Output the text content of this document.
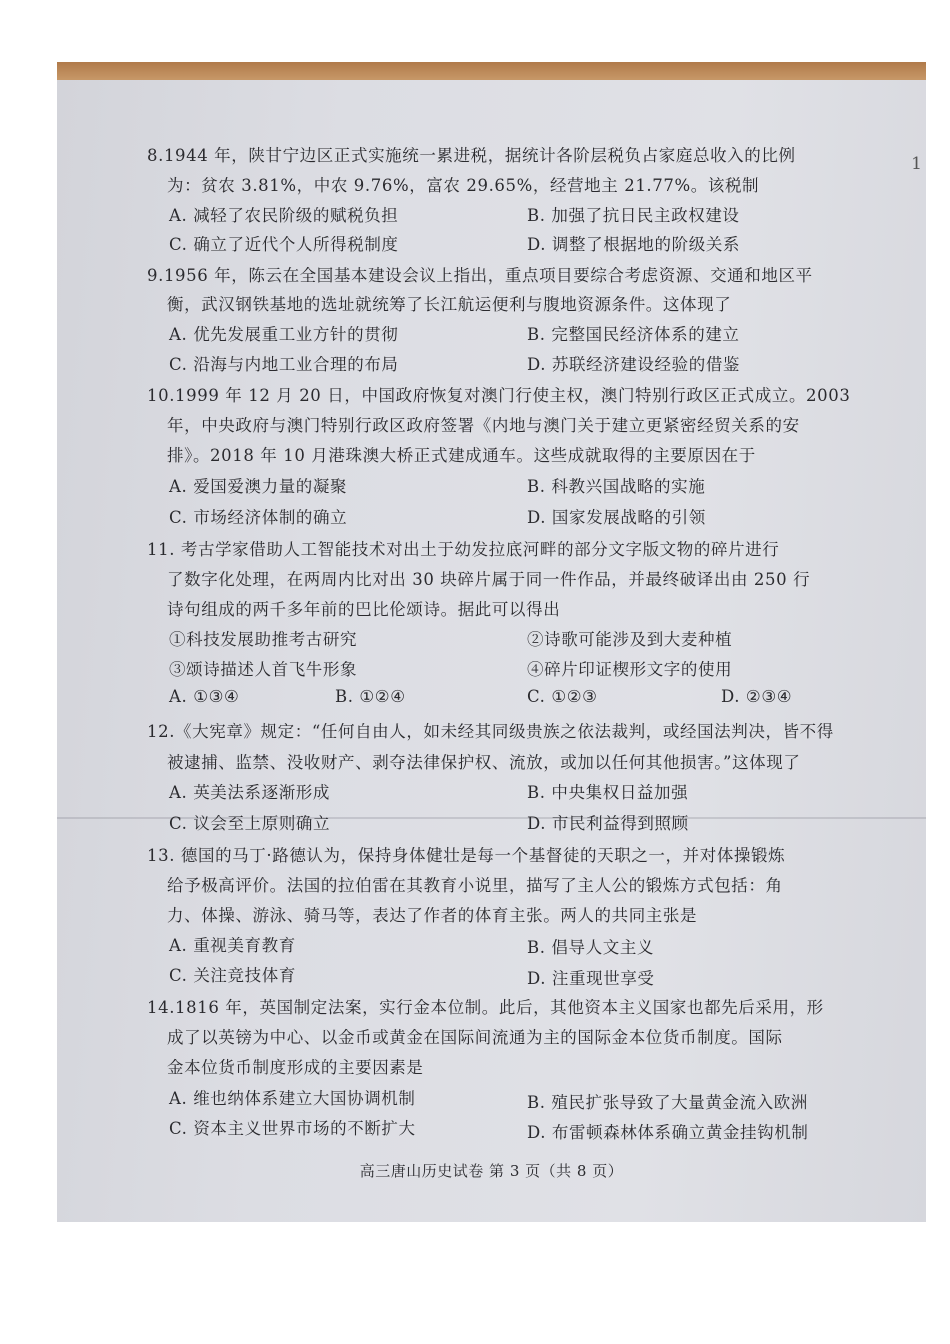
1
8.1944 年，陕甘宁边区正式实施统一累进税，据统计各阶层税负占家庭总收入的比例
为：贫农 3.81%，中农 9.76%，富农 29.65%，经营地主 21.77%。该税制
A. 减轻了农民阶级的赋税负担	B. 加强了抗日民主政权建设
C. 确立了近代个人所得税制度	D. 调整了根据地的阶级关系
9.1956 年，陈云在全国基本建设会议上指出，重点项目要综合考虑资源、交通和地区平
衡，武汉钢铁基地的选址就统筹了长江航运便利与腹地资源条件。这体现了
A. 优先发展重工业方针的贯彻	B. 完整国民经济体系的建立
C. 沿海与内地工业合理的布局	D. 苏联经济建设经验的借鉴
10.1999 年 12 月 20 日，中国政府恢复对澳门行使主权，澳门特别行政区正式成立。2003
年，中央政府与澳门特别行政区政府签署《内地与澳门关于建立更紧密经贸关系的安
排》。2018 年 10 月港珠澳大桥正式建成通车。这些成就取得的主要原因在于
A. 爱国爱澳力量的凝聚	B. 科教兴国战略的实施
C. 市场经济体制的确立	D. 国家发展战略的引领
11. 考古学家借助人工智能技术对出土于幼发拉底河畔的部分文字版文物的碎片进行
了数字化处理，在两周内比对出 30 块碎片属于同一件作品，并最终破译出由 250 行
诗句组成的两千多年前的巴比伦颂诗。据此可以得出
①科技发展助推考古研究	②诗歌可能涉及到大麦种植
③颂诗描述人首飞牛形象	④碎片印证楔形文字的使用
A. ①③④	B. ①②④	C. ①②③	D. ②③④
12.《大宪章》规定：“任何自由人，如未经其同级贵族之依法裁判，或经国法判决，皆不得
被逮捕、监禁、没收财产、剥夺法律保护权、流放，或加以任何其他损害。”这体现了
A. 英美法系逐渐形成	B. 中央集权日益加强
C. 议会至上原则确立	D. 市民利益得到照顾
13. 德国的马丁·路德认为，保持身体健壮是每一个基督徒的天职之一，并对体操锻炼
给予极高评价。法国的拉伯雷在其教育小说里，描写了主人公的锻炼方式包括：角
力、体操、游泳、骑马等，表达了作者的体育主张。两人的共同主张是
A. 重视美育教育	B. 倡导人文主义
C. 关注竞技体育	D. 注重现世享受
14.1816 年，英国制定法案，实行金本位制。此后，其他资本主义国家也都先后采用，形
成了以英镑为中心、以金币或黄金在国际间流通为主的国际金本位货币制度。国际
金本位货币制度形成的主要因素是
A. 维也纳体系建立大国协调机制	B. 殖民扩张导致了大量黄金流入欧洲
C. 资本主义世界市场的不断扩大	D. 布雷顿森林体系确立黄金挂钩机制
高三唐山历史试卷 第 3 页（共 8 页）
